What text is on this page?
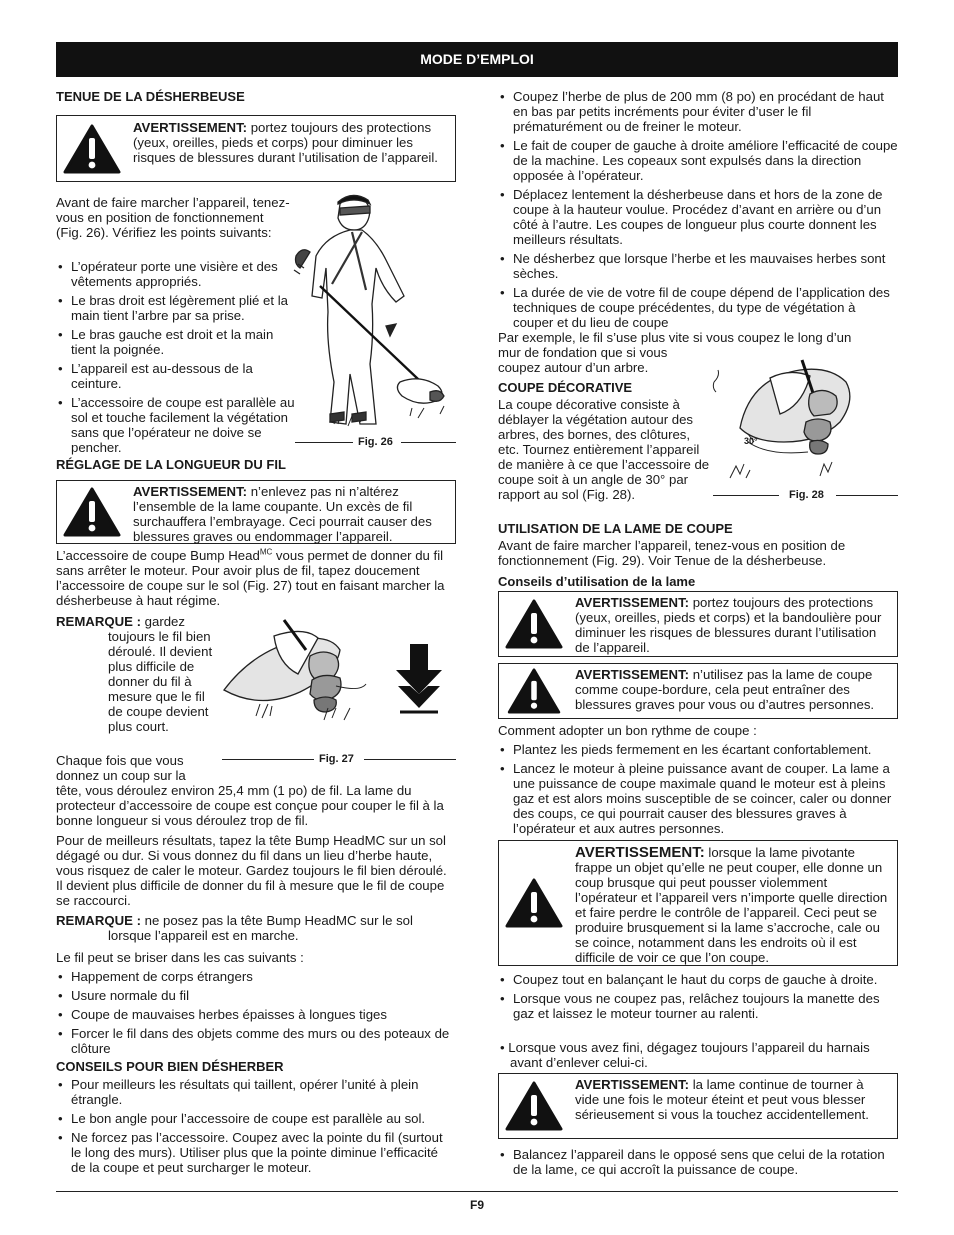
MODE D’EMPLOI
TENUE DE LA DÉSHERBEUSE
AVERTISSEMENT: portez toujours des protections (yeux, oreilles, pieds et corps) pour diminuer les risques de blessures durant l’utilisation de l’appareil.
Avant de faire marcher l’appareil, tenez-vous en position de fonctionnement (Fig. 26). Vérifiez les points suivants:
• L’opérateur porte une visière et des vêtements appropriés.
• Le bras droit est légèrement plié et la main tient l’arbre par sa prise.
• Le bras gauche est droit et la main tient la poignée.
• L’appareil est au-dessous de la ceinture.
• L’accessoire de coupe est parallèle au sol et touche facilement la végétation sans que l’opérateur ne doive se pencher.	Fig. 26
RÉGLAGE DE LA LONGUEUR DU FIL
AVERTISSEMENT: n’enlevez pas ni n’altérez l’ensemble de la lame coupante. Un excès de fil surchauffera l’embrayage. Ceci pourrait causer des blessures graves ou endommager l’appareil.
L’accessoire de coupe Bump Head$^{MC}$ vous permet de donner du fil sans arrêter le moteur. Pour avoir plus de fil, tapez doucement l’accessoire de coupe sur le sol (Fig. 27) tout en faisant marcher la désherbeuse à haut régime.
REMARQUE : gardez
toujours le fil bien déroulé. Il devient plus difficile de donner du fil à mesure que le fil de coupe devient plus court.
Fig. 27
Chaque fois que vous donnez un coup sur la
tête, vous déroulez environ 25,4 mm (1 po) de fil. La lame du protecteur d’accessoire de coupe est conçue pour couper le fil à la bonne longueur si vous déroulez trop de fil.
Pour de meilleurs résultats, tapez la tête Bump HeadMC sur un sol dégagé ou dur. Si vous donnez du fil dans un lieu d’herbe haute, vous risquez de caler le moteur. Gardez toujours le fil bien déroulé. Il devient plus difficile de donner du fil à mesure que le fil de coupe se raccourci.
REMARQUE : ne posez pas la tête Bump HeadMC sur le sol
lorsque l’appareil est en marche.
Le fil peut se briser dans les cas suivants :
• Happement de corps étrangers
• Usure normale du fil
• Coupe de mauvaises herbes épaisses à longues tiges
• Forcer le fil dans des objets comme des murs ou des poteaux de clôture
CONSEILS POUR BIEN DÉSHERBER
• Pour meilleurs les résultats qui taillent, opérer l’unité à plein étrangle.
• Le bon angle pour l’accessoire de coupe est parallèle au sol.
• Ne forcez pas l’accessoire. Coupez avec la pointe du fil (surtout le long des murs). Utiliser plus que la pointe diminue l’efficacité de la coupe et peut surcharger le moteur.
• Coupez l’herbe de plus de 200 mm (8 po) en procédant de haut en bas par petits incréments pour éviter d’user le fil prématurément ou de freiner le moteur.
• Le fait de couper de gauche à droite améliore l’efficacité de coupe de la machine. Les copeaux sont expulsés dans la direction opposée à l’opérateur.
• Déplacez lentement la désherbeuse dans et hors de la zone de coupe à la hauteur voulue. Procédez d’avant en arrière ou d’un côté à l’autre. Les coupes de longueur plus courte donnent les meilleurs résultats.
• Ne désherbez que lorsque l’herbe et les mauvaises herbes sont sèches.
• La durée de vie de votre fil de coupe dépend de l’application des techniques de coupe précédentes, du type de végétation à couper et du lieu de coupe
Par exemple, le fil s’use plus vite si vous coupez le long d’un
mur de fondation que si vous coupez autour d’un arbre.
COUPE DÉCORATIVE
La coupe décorative consiste à déblayer la végétation autour des arbres, des bornes, des clôtures, etc. Tournez entièrement l’appareil de manière à ce que l’accessoire de coupe soit à un angle de 30° par rapport au sol (Fig. 28).
30°
Fig. 28
UTILISATION DE LA LAME DE COUPE
Avant de faire marcher l’appareil, tenez-vous en position de fonctionnement (Fig. 29). Voir Tenue de la désherbeuse.
Conseils d’utilisation de la lame
AVERTISSEMENT: portez toujours des protections (yeux, oreilles, pieds et corps) et la bandoulière pour diminuer les risques de blessures durant l’utilisation de l’appareil.
AVERTISSEMENT: n’utilisez pas la lame de coupe comme coupe-bordure, cela peut entraîner des blessures graves pour vous ou d’autres personnes.
Comment adopter un bon rythme de coupe :
• Plantez les pieds fermement en les écartant confortablement.
• Lancez le moteur à pleine puissance avant de couper. La lame a une puissance de coupe maximale quand le moteur est à pleins gaz et est alors moins susceptible de se coincer, caler ou donner des coups, ce qui pourrait causer des blessures graves à l’opérateur et aux autres personnes.
AVERTISSEMENT: lorsque la lame pivotante frappe un objet qu’elle ne peut couper, elle donne un coup brusque qui peut pousser violemment l’opérateur et l’appareil vers n’importe quelle direction et faire perdre le contrôle de l’appareil. Ceci peut se produire brusquement si la lame s’accroche, cale ou se coince, notamment dans les endroits où il est difficile de voir ce que l’on coupe.
• Coupez tout en balançant le haut du corps de gauche à droite.
• Lorsque vous ne coupez pas, relâchez toujours la manette des gaz et laissez le moteur tourner au ralenti.
• Lorsque vous avez fini, dégagez toujours l’appareil du harnais avant d’enlever celui-ci.
AVERTISSEMENT: la lame continue de tourner à vide une fois le moteur éteint et peut vous blesser sérieusement si vous la touchez accidentellement.
• Balancez l’appareil dans le opposé sens que celui de la rotation de la lame, ce qui accroît la puissance de coupe.
F9
